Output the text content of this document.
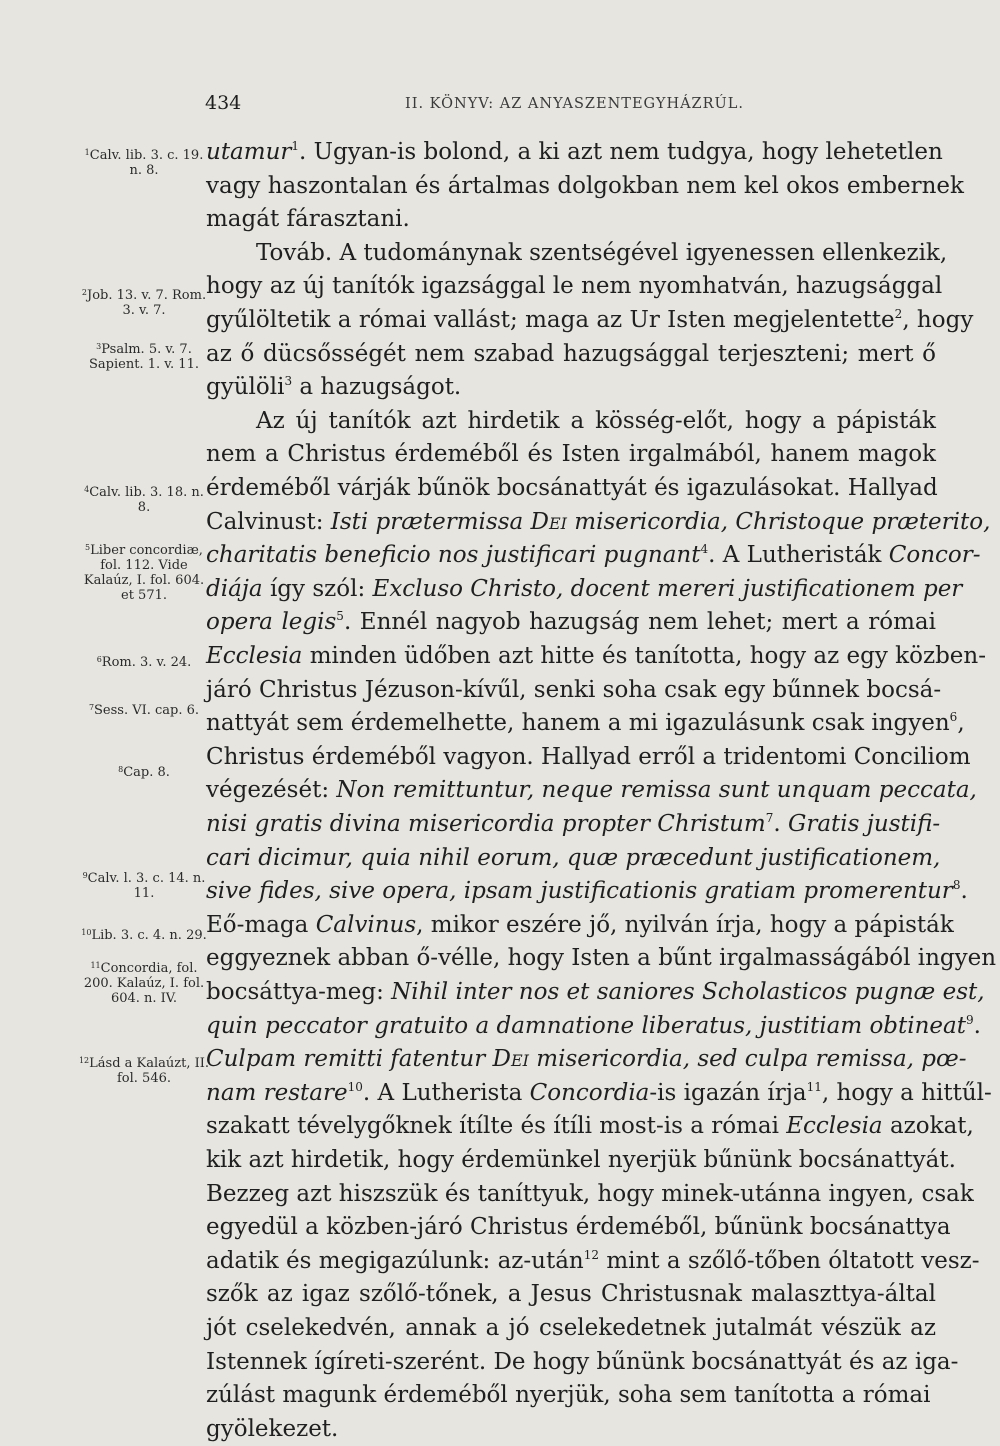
434	II. KÖNYV: AZ ANYASZENTEGYHÁZRÚL.
$^1$Calv. lib. 3. c. 19. n. 8.
$^2$Job. 13. v. 7. Rom. 3. v. 7.
$^3$Psalm. 5. v. 7. Sapient. 1. v. 11.
$^4$Calv. lib. 3. 18. n. 8.
$^5$Liber concordiæ, fol. 112. Vide Kalaúz, I. fol. 604. et 571.
$^6$Rom. 3. v. 24.
$^7$Sess. VI. cap. 6.
$^8$Cap. 8.
$^9$Calv. l. 3. c. 14. n. 11.
$^{10}$Lib. 3. c. 4. n. 29.
$^{11}$Concordia, fol. 200. Kalaúz, I. fol. 604. n. IV.
$^{12}$Lásd a Kalaúzt, II. fol. 546.
utamur$^1$. Ugyan-is bolond, a ki azt nem tudgya, hogy lehetetlen
vagy haszontalan és ártalmas dolgokban nem kel okos embernek
magát fárasztani.
Továb. A tudománynak szentségével igyenessen ellenkezik,
hogy az új tanítók igazsággal le nem nyomhatván, hazugsággal
gyűlöltetik a római vallást; maga az Ur Isten megjelentette$^2$, hogy
az ő dücsősségét nem szabad hazugsággal terjeszteni; mert ő
gyülöli$^3$ a hazugságot.
Az új tanítók azt hirdetik a kösség-előt, hogy a pápisták
nem a Christus érdeméből és Isten irgalmából, hanem magok
érdeméből várják bűnök bocsánattyát és igazulásokat. Hallyad
Calvinust: Isti prætermissa Dei misericordia, Christoque præterito,
charitatis beneficio nos justificari pugnant$^4$. A Lutheristák Concor-
diája így szól: Excluso Christo, docent mereri justificationem per
opera legis$^5$. Ennél nagyob hazugság nem lehet; mert a római
Ecclesia minden üdőben azt hitte és tanította, hogy az egy közben-
járó Christus Jézuson-kívűl, senki soha csak egy bűnnek bocsá-
nattyát sem érdemelhette, hanem a mi igazulásunk csak ingyen$^6$,
Christus érdeméből vagyon. Hallyad erről a tridentomi Conciliom
végezését: Non remittuntur, neque remissa sunt unquam peccata,
nisi gratis divina misericordia propter Christum$^7$. Gratis justifi-
cari dicimur, quia nihil eorum, quæ præcedunt justificationem,
sive fides, sive opera, ipsam justificationis gratiam promerentur$^8$.
Eő-maga Calvinus, mikor eszére jő, nyilván írja, hogy a pápisták
eggyeznek abban ő-vélle, hogy Isten a bűnt irgalmasságából ingyen
bocsáttya-meg: Nihil inter nos et saniores Scholasticos pugnæ est,
quin peccator gratuito a damnatione liberatus, justitiam obtineat$^9$.
Culpam remitti fatentur Dei misericordia, sed culpa remissa, pœ-
nam restare$^{10}$. A Lutherista Concordia-is igazán írja$^{11}$, hogy a hittűl-
szakatt tévelygőknek ítílte és ítíli most-is a római Ecclesia azokat,
kik azt hirdetik, hogy érdemünkel nyerjük bűnünk bocsánattyát.
Bezzeg azt hiszszük és taníttyuk, hogy minek-utánna ingyen, csak
egyedül a közben-járó Christus érdeméből, bűnünk bocsánattya
adatik és megigazúlunk: az-után$^{12}$ mint a szőlő-tőben óltatott vesz-
szők az igaz szőlő-tőnek, a Jesus Christusnak malaszttya-által
jót cselekedvén, annak a jó cselekedetnek jutalmát vészük az
Istennek ígíreti-szerént. De hogy bűnünk bocsánattyát és az iga-
zúlást magunk érdeméből nyerjük, soha sem tanította a római
gyölekezet.
